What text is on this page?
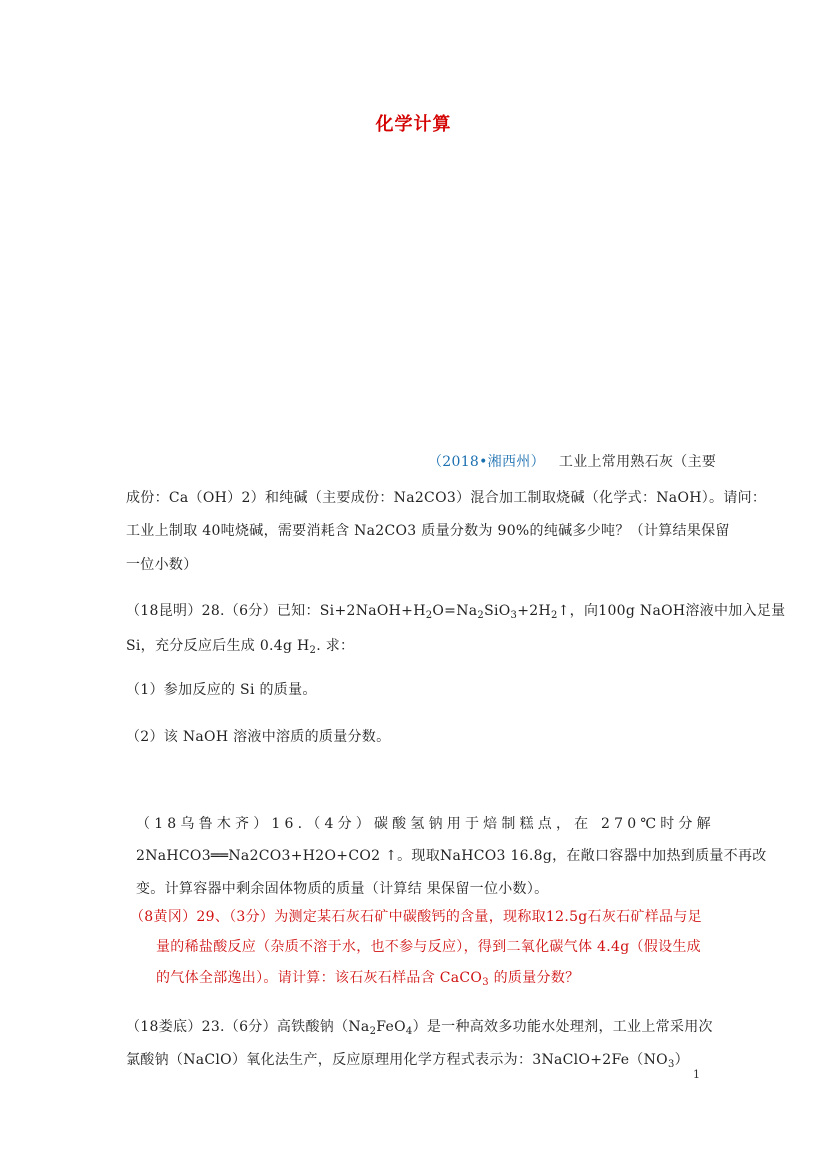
化学计算
（2018•湘西州） 工业上常用熟石灰（主要
成份：Ca（OH）2）和纯碱（主要成份：Na2CO3）混合加工制取烧碱（化学式：NaOH）。请问：
工业上制取 40吨烧碱，需要消耗含 Na2CO3 质量分数为 90%的纯碱多少吨？（计算结果保留
一位小数）
（18昆明）28.（6分）已知：$Si+2NaOH+H_2O=Na_2SiO_3+2H_2↑$，向100g NaOH溶液中加入足量
Si，充分反应后生成 0.4g $H_2$. 求：
（1）参加反应的 Si 的质量。
（2）该 NaOH 溶液中溶质的质量分数。
（18乌鲁木齐）16.（4分）碳酸氢钠用于焙制糕点，在 270℃时分解
2NaHCO3══Na2CO3+H2O+CO2 ↑。现取NaHCO3 16.8g，在敞口容器中加热到质量不再改
变。计算容器中剩余固体物质的质量（计算结 果保留一位小数）。
（8黄冈）29、（3分）为测定某石灰石矿中碳酸钙的含量，现称取12.5g石灰石矿样品与足
量的稀盐酸反应（杂质不溶于水，也不参与反应），得到二氧化碳气体 4.4g（假设生成
的气体全部逸出）。请计算：该石灰石样品含 CaCO$_3$ 的质量分数？
（18娄底）23.（6分）高铁酸钠$(Na_2FeO_4)$是一种高效多功能水处理剂，工业上常采用次
氯酸钠（NaClO）氧化法生产，反应原理用化学方程式表示为：$3NaClO+2Fe(NO_3)$
1
